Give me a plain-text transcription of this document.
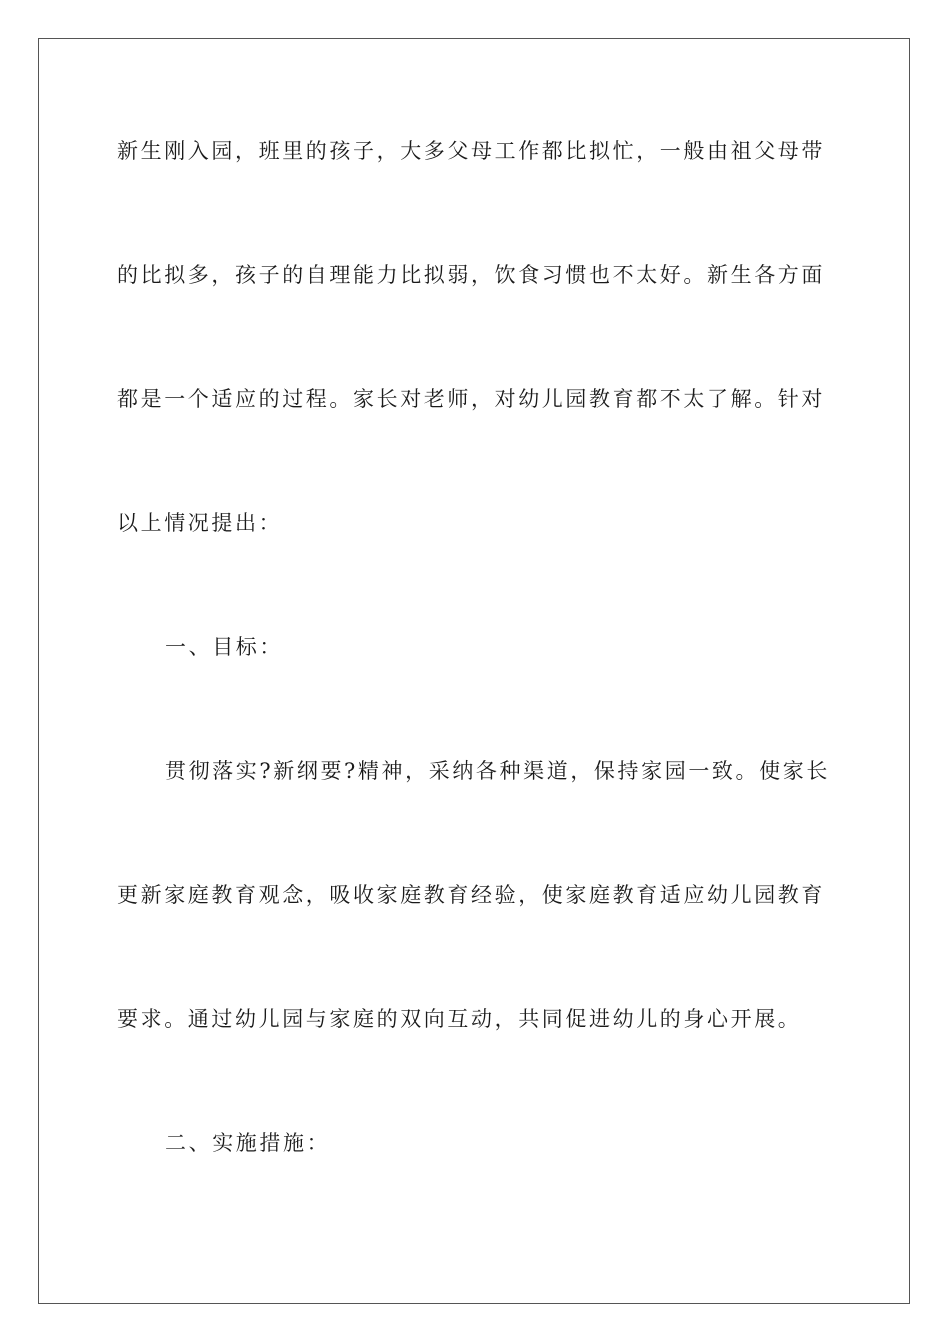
新生刚入园，班里的孩子，大多父母工作都比拟忙，一般由祖父母带
的比拟多，孩子的自理能力比拟弱，饮食习惯也不太好。新生各方面
都是一个适应的过程。家长对老师，对幼儿园教育都不太了解。针对
以上情况提出：
一、目标：
贯彻落实?新纲要?精神，采纳各种渠道，保持家园一致。使家长
更新家庭教育观念，吸收家庭教育经验，使家庭教育适应幼儿园教育
要求。通过幼儿园与家庭的双向互动，共同促进幼儿的身心开展。
二、实施措施：
